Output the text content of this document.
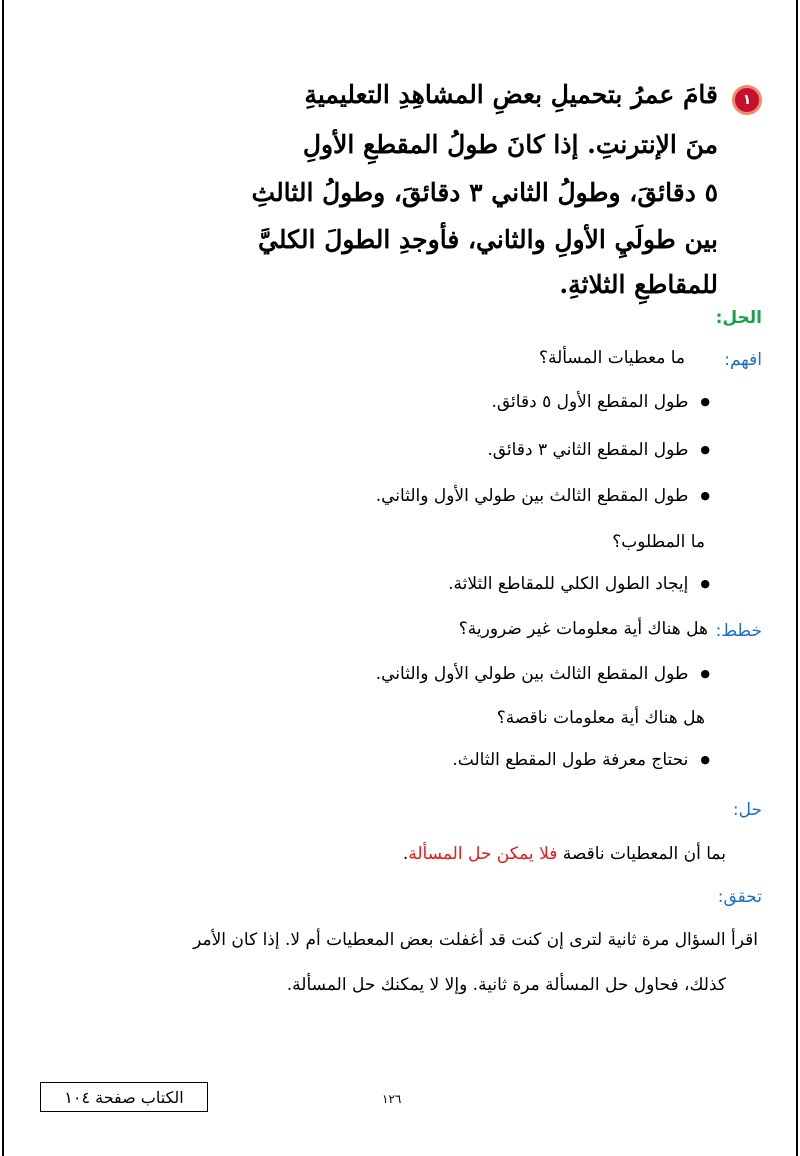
١
قامَ عمرُ بتحميلِ بعضِ المشاهِدِ التعليميةِ
منَ الإنترنتِ. إذا كانَ طولُ المقطعِ الأولِ
٥ دقائقَ، وطولُ الثاني ٣ دقائقَ، وطولُ الثالثِ
بين طولَيِ الأولِ والثاني، فأوجدِ الطولَ الكليَّ
للمقاطعِ الثلاثةِ.
الحل:
افهم:
ما معطيات المسألة؟
● طول المقطع الأول ٥ دقائق.
● طول المقطع الثاني ٣ دقائق.
● طول المقطع الثالث بين طولي الأول والثاني.
ما المطلوب؟
● إيجاد الطول الكلي للمقاطع الثلاثة.
خطط:
هل هناك أية معلومات غير ضرورية؟
● طول المقطع الثالث بين طولي الأول والثاني.
هل هناك أية معلومات ناقصة؟
● نحتاج معرفة طول المقطع الثالث.
حل:
بما أن المعطيات ناقصة فلا يمكن حل المسألة.
تحقق:
اقرأ السؤال مرة ثانية لترى إن كنت قد أغفلت بعض المعطيات أم لا. إذا كان الأمر
كذلك، فحاول حل المسألة مرة ثانية. وإلا لا يمكنك حل المسألة.
الكتاب صفحة ١٠٤	١٢٦
